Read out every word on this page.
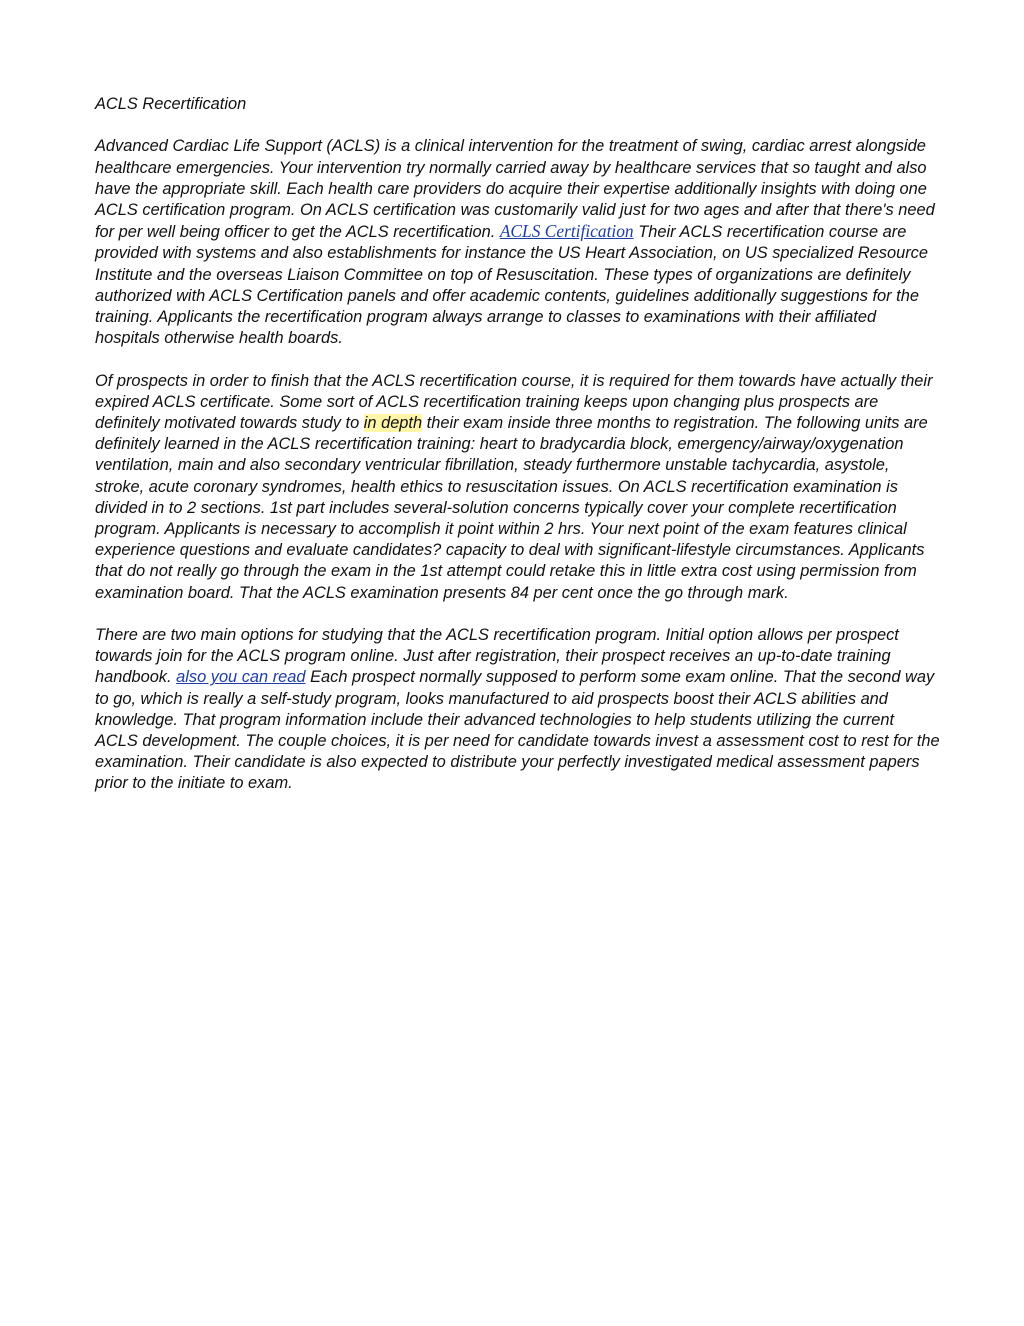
ACLS Recertification

Advanced Cardiac Life Support (ACLS) is a clinical intervention for the treatment of swing, cardiac arrest alongside healthcare emergencies. Your intervention try normally carried away by healthcare services that so taught and also have the appropriate skill. Each health care providers do acquire their expertise additionally insights with doing one ACLS certification program. On ACLS certification was customarily valid just for two ages and after that there's need for per well being officer to get the ACLS recertification. ACLS Certification Their ACLS recertification course are provided with systems and also establishments for instance the US Heart Association, on US specialized Resource Institute and the overseas Liaison Committee on top of Resuscitation. These types of organizations are definitely authorized with ACLS Certification panels and offer academic contents, guidelines additionally suggestions for the training. Applicants the recertification program always arrange to classes to examinations with their affiliated hospitals otherwise health boards.

Of prospects in order to finish that the ACLS recertification course, it is required for them towards have actually their expired ACLS certificate. Some sort of ACLS recertification training keeps upon changing plus prospects are definitely motivated towards study to in depth their exam inside three months to registration. The following units are definitely learned in the ACLS recertification training: heart to bradycardia block, emergency/airway/oxygenation ventilation, main and also secondary ventricular fibrillation, steady furthermore unstable tachycardia, asystole, stroke, acute coronary syndromes, health ethics to resuscitation issues. On ACLS recertification examination is divided in to 2 sections. 1st part includes several-solution concerns typically cover your complete recertification program. Applicants is necessary to accomplish it point within 2 hrs. Your next point of the exam features clinical experience questions and evaluate candidates? capacity to deal with significant-lifestyle circumstances. Applicants that do not really go through the exam in the 1st attempt could retake this in little extra cost using permission from examination board. That the ACLS examination presents 84 per cent once the go through mark.

There are two main options for studying that the ACLS recertification program. Initial option allows per prospect towards join for the ACLS program online. Just after registration, their prospect receives an up-to-date training handbook. also you can read Each prospect normally supposed to perform some exam online. That the second way to go, which is really a self-study program, looks manufactured to aid prospects boost their ACLS abilities and knowledge. That program information include their advanced technologies to help students utilizing the current ACLS development. The couple choices, it is per need for candidate towards invest a assessment cost to rest for the examination. Their candidate is also expected to distribute your perfectly investigated medical assessment papers prior to the initiate to exam.
